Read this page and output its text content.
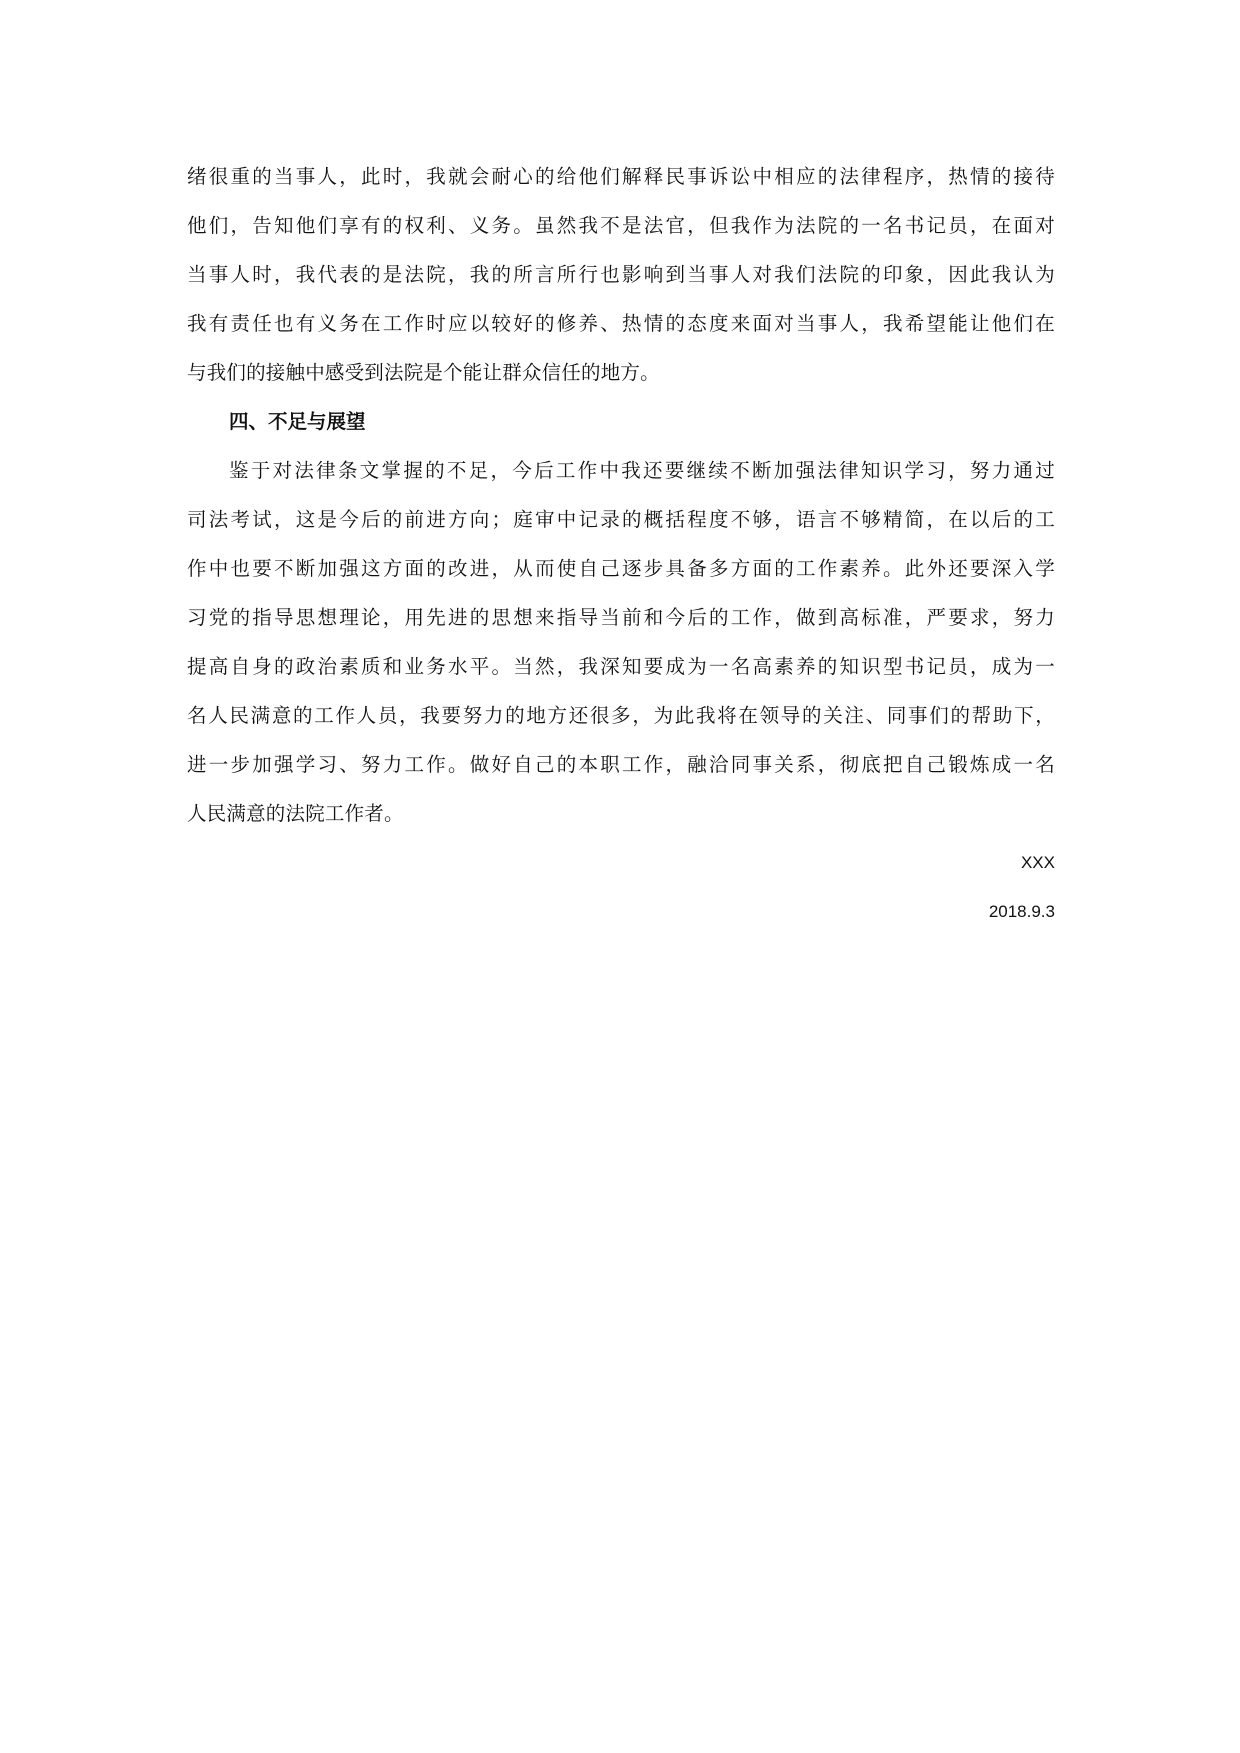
绪很重的当事人，此时，我就会耐心的给他们解释民事诉讼中相应的法律程序，热情的接待
他们，告知他们享有的权利、义务。虽然我不是法官，但我作为法院的一名书记员，在面对
当事人时，我代表的是法院，我的所言所行也影响到当事人对我们法院的印象，因此我认为
我有责任也有义务在工作时应以较好的修养、热情的态度来面对当事人，我希望能让他们在
与我们的接触中感受到法院是个能让群众信任的地方。
四、不足与展望
鉴于对法律条文掌握的不足，今后工作中我还要继续不断加强法律知识学习，努力通过
司法考试，这是今后的前进方向；庭审中记录的概括程度不够，语言不够精简，在以后的工
作中也要不断加强这方面的改进，从而使自己逐步具备多方面的工作素养。此外还要深入学
习党的指导思想理论，用先进的思想来指导当前和今后的工作，做到高标准，严要求，努力
提高自身的政治素质和业务水平。当然，我深知要成为一名高素养的知识型书记员，成为一
名人民满意的工作人员，我要努力的地方还很多，为此我将在领导的关注、同事们的帮助下，
进一步加强学习、努力工作。做好自己的本职工作，融洽同事关系，彻底把自己锻炼成一名
人民满意的法院工作者。
XXX
2018.9.3
